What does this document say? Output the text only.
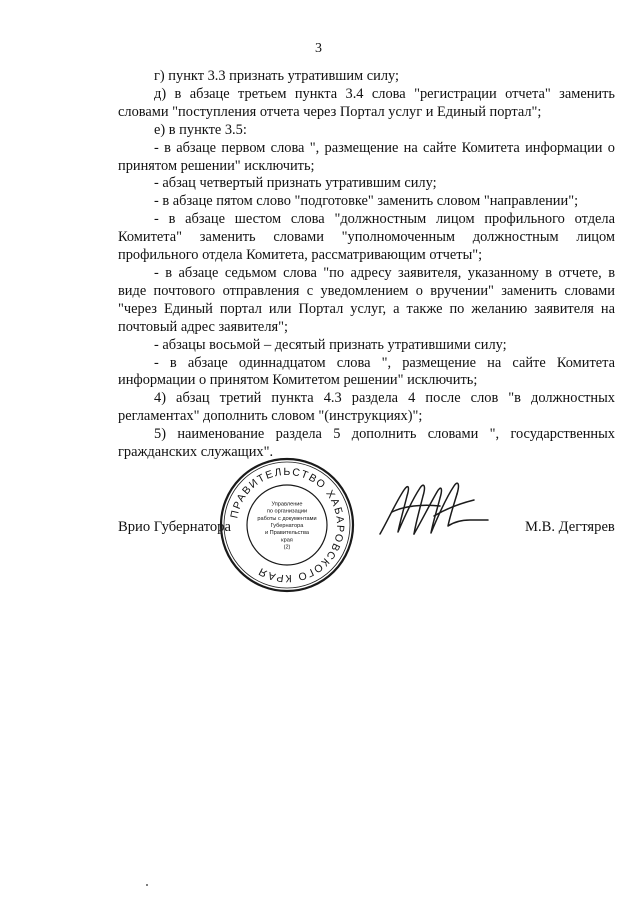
3

г) пункт 3.3 признать утратившим силу;

д) в абзаце третьем пункта 3.4 слова "регистрации отчета" заменить словами "поступления отчета через Портал услуг и Единый портал";

е) в пункте 3.5:

- в абзаце первом слова ", размещение на сайте Комитета информации о принятом решении" исключить;

- абзац четвертый признать утратившим силу;

- в абзаце пятом слово "подготовке" заменить словом "направлении";

- в абзаце шестом слова "должностным лицом профильного отдела Комитета" заменить словами "уполномоченным должностным лицом профильного отдела Комитета, рассматривающим отчеты";

- в абзаце седьмом слова "по адресу заявителя, указанному в отчете, в виде почтового отправления с уведомлением о вручении" заменить словами "через Единый портал или Портал услуг, а также по желанию заявителя на почтовый адрес заявителя";

- абзацы восьмой – десятый признать утратившими силу;

- в абзаце одиннадцатом слова ", размещение на сайте Комитета информации о принятом Комитетом решении" исключить;

4) абзац третий пункта 4.3 раздела 4 после слов "в должностных регламентах" дополнить словом "(инструкциях)";

5) наименование раздела 5 дополнить словами ", государственных гражданских служащих".

Врио Губернатора
ПРАВИТЕЛЬСТВО ХАБАРОВСКОГО КРАЯ
Управление
по организации
работы с документами
Губернатора
и Правительства
края
(2)
М.В. Дегтярев
